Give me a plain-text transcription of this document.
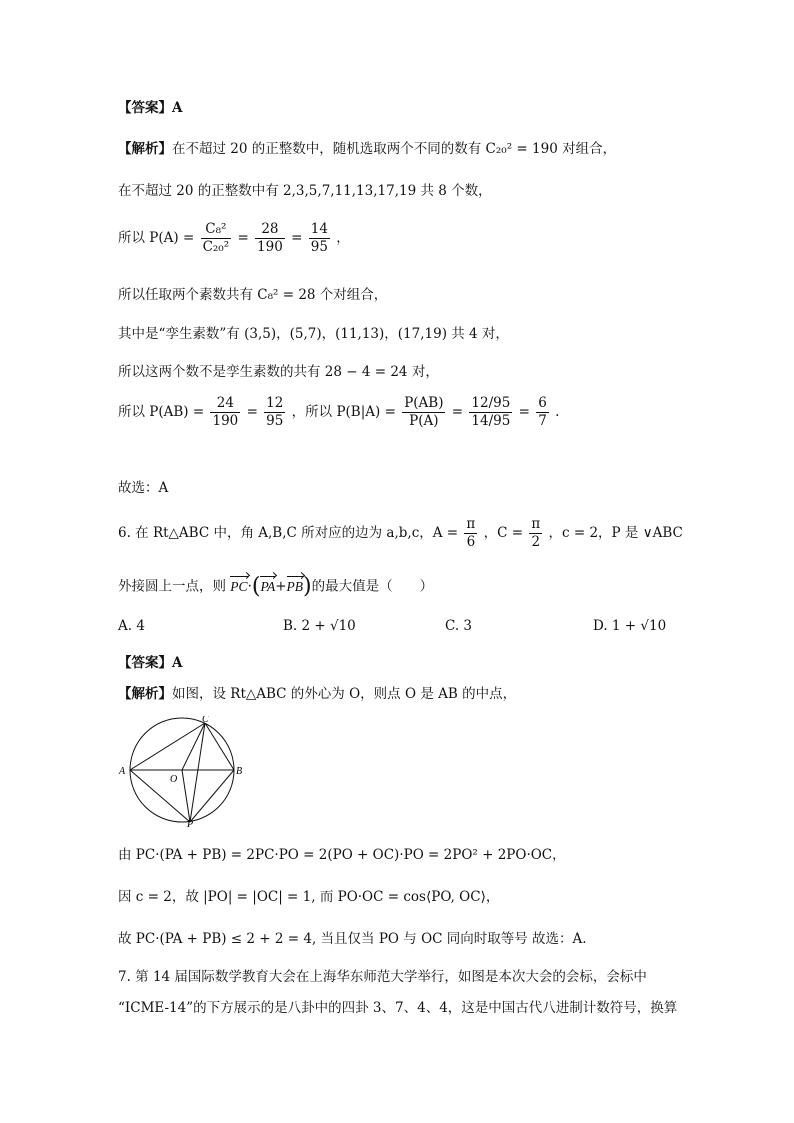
【答案】A
【解析】在不超过 20 的正整数中，随机选取两个不同的数有 C₂₀² = 190 对组合，
在不超过 20 的正整数中有 2,3,5,7,11,13,17,19 共 8 个数，
所以 $P(A) = \frac{\text{C₈²}}{\text{C₂₀²}} = \frac{28}{190} = \frac{14}{95}$ ，
所以任取两个素数共有 C₈² = 28 个对组合，
其中是“孪生素数”有 (3,5)，(5,7)，(11,13)，(17,19) 共 4 对，
所以这两个数不是孪生素数的共有 28 − 4 = 24 对，
所以 $P(AB) = \frac{24}{190} = \frac{12}{95}$ ，所以 $P(B|A) = \frac{P(AB)}{P(A)} = \frac{12/95}{14/95} = \frac{6}{7}$ .
故选：A
6. 在 Rt△ABC 中，角 A,B,C 所对应的边为 a,b,c，$A = \frac{\pi}{6}$ ，$C = \frac{\pi}{2}$ ，c = 2，P 是 ∨ABC
外接圆上一点，则 PC·(PA+PB)的最大值是（　　）
A. 4	B. 2 + √10	C. 3	D. 1 + √10
【答案】A
【解析】如图，设 Rt△ABC 的外心为 O，则点 O 是 AB 的中点，
A	B
C
O
P
由 PC·(PA + PB) = 2PC·PO = 2(PO + OC)·PO = 2PO² + 2PO·OC，
因 c = 2，故 |PO| = |OC| = 1, 而 PO·OC = cos⟨PO, OC⟩，
故 PC·(PA + PB) ≤ 2 + 2 = 4, 当且仅当 PO 与 OC 同向时取等号 故选：A.
7. 第 14 届国际数学教育大会在上海华东师范大学举行，如图是本次大会的会标，会标中
“ICME-14”的下方展示的是八卦中的四卦 3、7、4、4，这是中国古代八进制计数符号，换算
